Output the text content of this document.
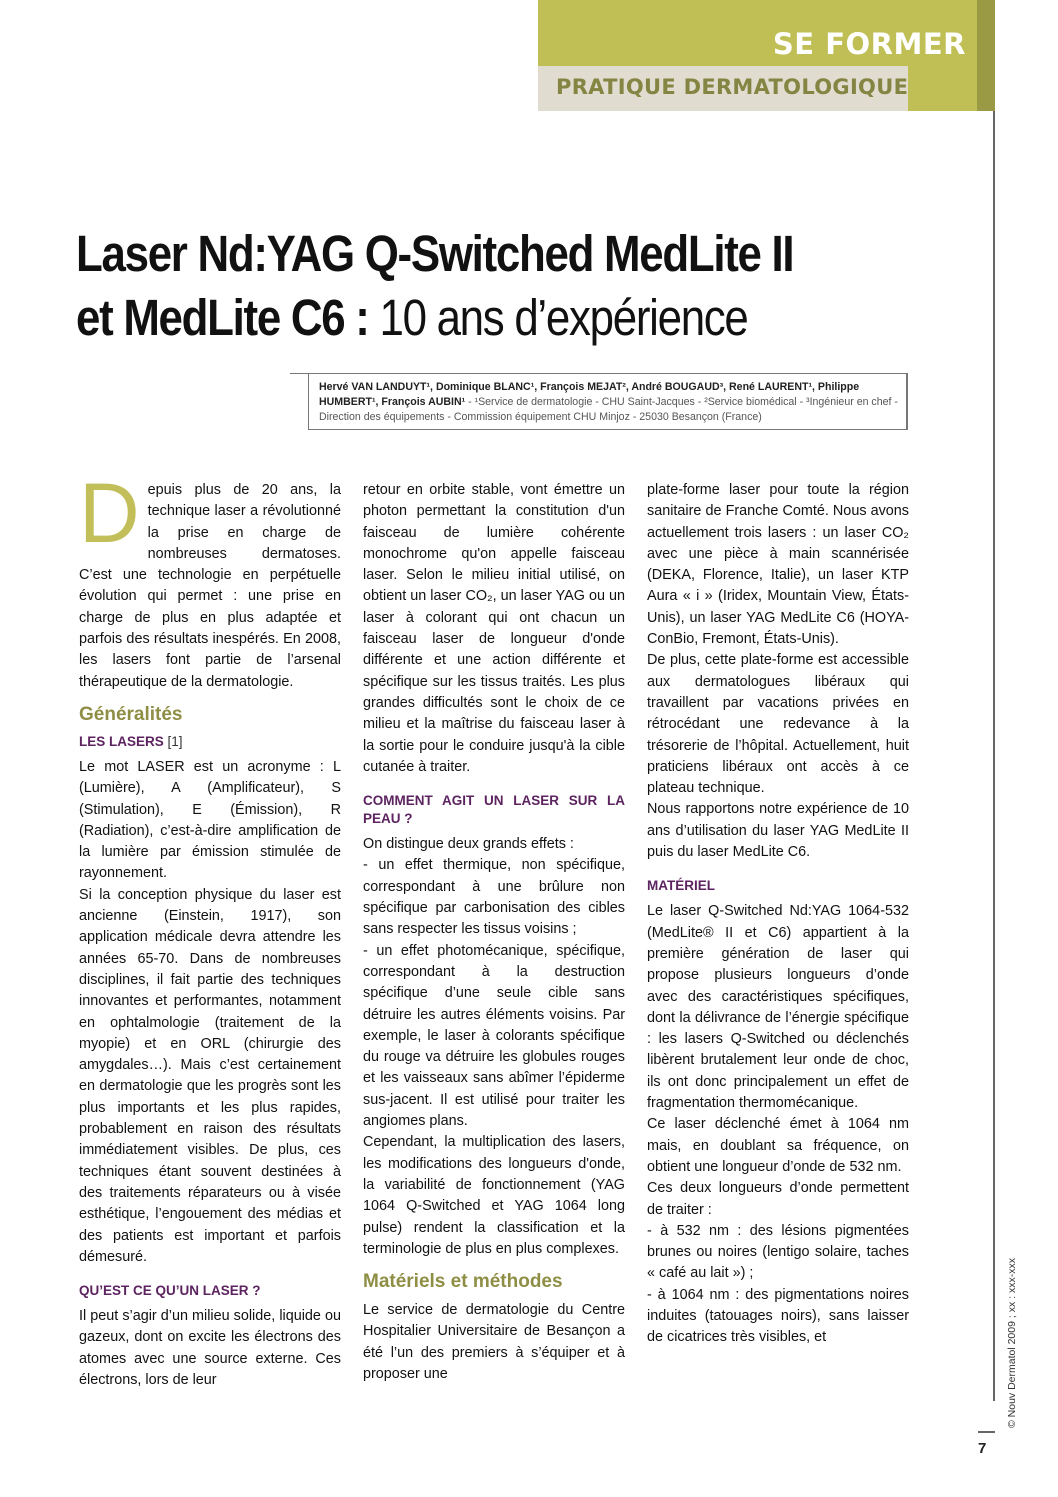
SE FORMER
PRATIQUE DERMATOLOGIQUE
Laser Nd:YAG Q-Switched MedLite II
et MedLite C6 : 10 ans d’expérience
Hervé VAN LANDUYT¹, Dominique BLANC¹, François MEJAT², André BOUGAUD³, René LAURENT¹, Philippe HUMBERT¹, François AUBIN¹ - ¹Service de dermatologie - CHU Saint-Jacques - ²Service biomédical - ³Ingénieur en chef - Direction des équipements - Commission équipement CHU Minjoz - 25030 Besançon (France)

Depuis plus de 20 ans, la technique laser a révolutionné la prise en charge de nombreuses dermatoses. C’est une technologie en perpétuelle évolution qui permet : une prise en charge de plus en plus adaptée et parfois des résultats inespérés. En 2008, les lasers font partie de l’arsenal thérapeutique de la dermatologie.

Généralités
LES LASERS [1]

Le mot LASER est un acronyme : L (Lumière), A (Amplificateur), S (Stimulation), E (Émission), R (Radiation), c’est-à-dire amplification de la lumière par émission stimulée de rayonnement.

Si la conception physique du laser est ancienne (Einstein, 1917), son application médicale devra attendre les années 65-70. Dans de nombreuses disciplines, il fait partie des techniques innovantes et performantes, notamment en ophtalmologie (traitement de la myopie) et en ORL (chirurgie des amygdales…). Mais c’est certainement en dermatologie que les progrès sont les plus importants et les plus rapides, probablement en raison des résultats immédiatement visibles. De plus, ces techniques étant souvent destinées à des traitements réparateurs ou à visée esthétique, l’engouement des médias et des patients est important et parfois démesuré.

QU’EST CE QU’UN LASER ?

Il peut s’agir d’un milieu solide, liquide ou gazeux, dont on excite les électrons des atomes avec une source externe. Ces électrons, lors de leur

retour en orbite stable, vont émettre un photon permettant la constitution d'un faisceau de lumière cohérente monochrome qu'on appelle faisceau laser. Selon le milieu initial utilisé, on obtient un laser CO₂, un laser YAG ou un laser à colorant qui ont chacun un faisceau laser de longueur d'onde différente et une action différente et spécifique sur les tissus traités. Les plus grandes difficultés sont le choix de ce milieu et la maîtrise du faisceau laser à la sortie pour le conduire jusqu'à la cible cutanée à traiter.

COMMENT AGIT UN LASER SUR LA PEAU ?

On distingue deux grands effets :

- un effet thermique, non spécifique, correspondant à une brûlure non spécifique par carbonisation des cibles sans respecter les tissus voisins ;

- un effet photomécanique, spécifique, correspondant à la destruction spécifique d’une seule cible sans détruire les autres éléments voisins. Par exemple, le laser à colorants spécifique du rouge va détruire les globules rouges et les vaisseaux sans abîmer l’épiderme sus-jacent. Il est utilisé pour traiter les angiomes plans.

Cependant, la multiplication des lasers, les modifications des longueurs d'onde, la variabilité de fonctionnement (YAG 1064 Q-Switched et YAG 1064 long pulse) rendent la classification et la terminologie de plus en plus complexes.

Matériels et méthodes

Le service de dermatologie du Centre Hospitalier Universitaire de Besançon a été l’un des premiers à s’équiper et à proposer une

plate-forme laser pour toute la région sanitaire de Franche Comté. Nous avons actuellement trois lasers : un laser CO₂ avec une pièce à main scannérisée (DEKA, Florence, Italie), un laser KTP Aura « i » (Iridex, Mountain View, États-Unis), un laser YAG MedLite C6 (HOYA-ConBio, Fremont, États-Unis).

De plus, cette plate-forme est accessible aux dermatologues libéraux qui travaillent par vacations privées en rétrocédant une redevance à la trésorerie de l’hôpital. Actuellement, huit praticiens libéraux ont accès à ce plateau technique.

Nous rapportons notre expérience de 10 ans d’utilisation du laser YAG MedLite II puis du laser MedLite C6.

MATÉRIEL

Le laser Q-Switched Nd:YAG 1064-532 (MedLite® II et C6) appartient à la première génération de laser qui propose plusieurs longueurs d’onde avec des caractéristiques spécifiques, dont la délivrance de l’énergie spécifique : les lasers Q-Switched ou déclenchés libèrent brutalement leur onde de choc, ils ont donc principalement un effet de fragmentation thermomécanique.

Ce laser déclenché émet à 1064 nm mais, en doublant sa fréquence, on obtient une longueur d’onde de 532 nm.

Ces deux longueurs d’onde permettent de traiter :

- à 532 nm : des lésions pigmentées brunes ou noires (lentigo solaire, taches « café au lait ») ;

- à 1064 nm : des pigmentations noires induites (tatouages noirs), sans laisser de cicatrices très visibles, et	© Nouv Dermatol 2009 ; xx : xxx-xxx
7
